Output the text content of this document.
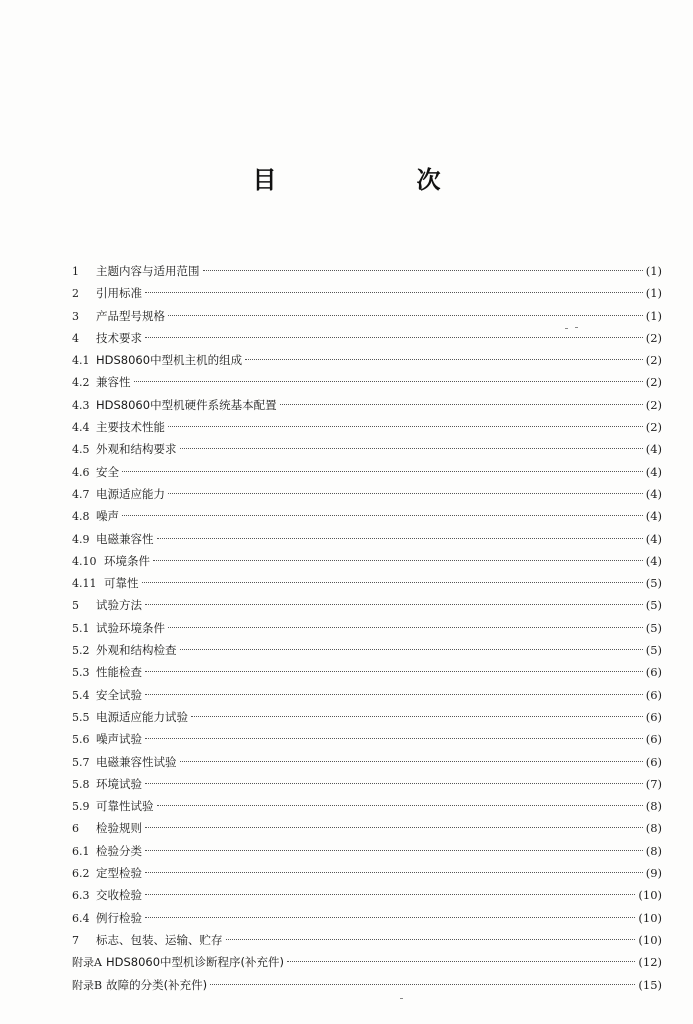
目　次
1	主题内容与适用范围	(1)
2	引用标准	(1)
3	产品型号规格	(1)
4	技术要求	(2)
4.1 HDS8060中型机主机的组成	(2)
4.2 兼容性	(2)
4.3 HDS8060中型机硬件系统基本配置	(2)
4.4 主要技术性能	(2)
4.5 外观和结构要求	(4)
4.6 安全	(4)
4.7 电源适应能力	(4)
4.8 噪声	(4)
4.9 电磁兼容性	(4)
4.10 环境条件	(4)
4.11 可靠性	(5)
5	试验方法	(5)
5.1 试验环境条件	(5)
5.2 外观和结构检查	(5)
5.3 性能检查	(6)
5.4 安全试验	(6)
5.5 电源适应能力试验	(6)
5.6 噪声试验	(6)
5.7 电磁兼容性试验	(6)
5.8 环境试验	(7)
5.9 可靠性试验	(8)
6	检验规则	(8)
6.1 检验分类	(8)
6.2 定型检验	(9)
6.3 交收检验	(10)
6.4 例行检验	(10)
7	标志、包装、运输、贮存	(10)
附录A HDS8060中型机诊断程序(补充件)	(12)
附录B 故障的分类(补充件)	(15)
